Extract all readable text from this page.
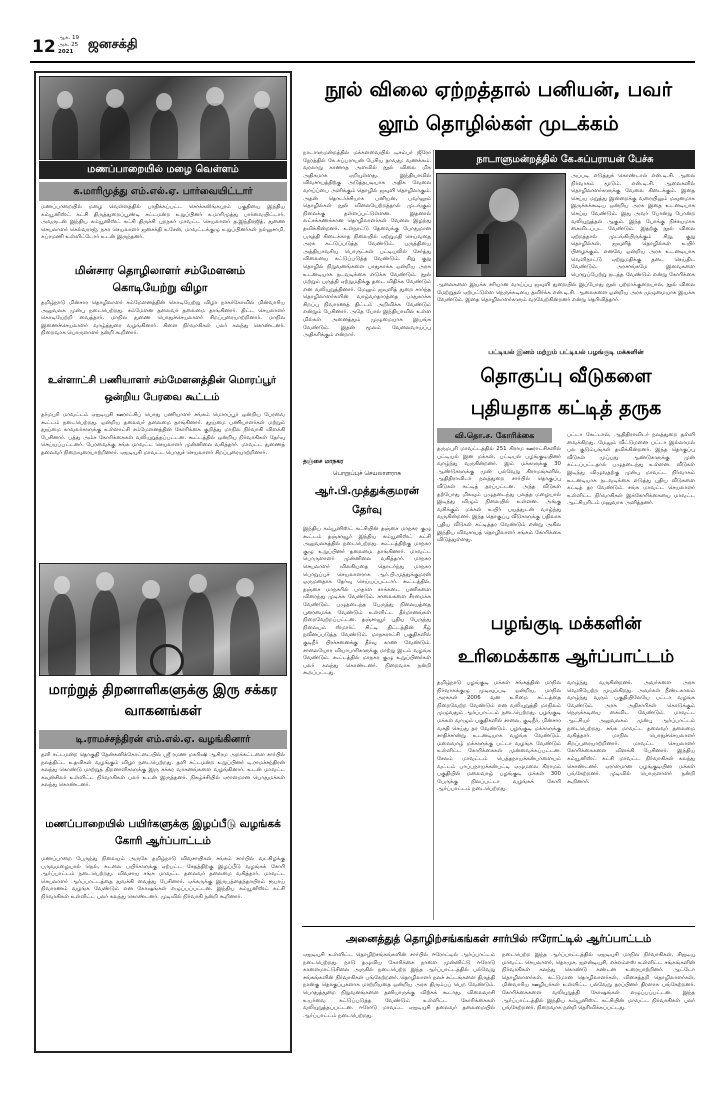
12 ஆக. 19
அக. 25
2021 ஜனசக்தி
மணப்பாறையில் மழை வெள்ளம்
க.மாரிமுத்து எம்.எல்.ஏ. பார்வையிட்டார்
மணப்பாறையில் மழை வெள்ளத்தில் பாதிக்கப்பட்ட சொக்கலிங்கபுரம் பகுதியை இந்திய கம்யூனிஸ்ட் கட்சி திருத்துறைப்பூண்டி சட்டமன்ற உறுப்பினர் க.மாரிமுத்து பார்வையிட்டார். அவருடன் இந்திய கம்யூனிஸ்ட் கட்சி திருச்சி புறநகர் மாவட்ட செயலாளர் த.இந்திரஜித், துணை செயலாளர் செல்வராஜ், நகர செயலாளர் ஜனசக்தி உசேன், மாவட்டக்குழு உறுப்பினர்கள் நல்லுசாமி, சுப்ரமணி உள்ளிட்டோர் உடன் இருந்தனர்.
மின்சார தொழிலாளர் சம்மேளனம் கொடியேற்று விழா
தமிழ்நாடு மின்சார தொழிலாளர் சம்மேளனத்தின் கொடியேற்று விழா நாகர்கோவில் மின்வாரிய அலுவலக முன்பு நடைபெற்றது. சம்மேளன தலைவர் தலைமை தாங்கினார். திட்ட செயலாளர் கொடியேற்றி வைத்தார். மாநில துணை பொதுச்செயலாளர் சிறப்புரையாற்றினார். மாநில இணைச்செயலாளர் வாழ்த்துரை வழங்கினார். கிளை நிர்வாகிகள் பலர் கலந்து கொண்டனர். நிறைவாக பொருளாளர் நன்றி கூறினார்.
உள்ளாட்சி பணியாளர் சம்மேளனத்தின் மொரப்பூர் ஒன்றிய பேரவை கூட்டம்
தர்மபுரி மாவட்டம் ஏஐடியுசி ஊராட்சிப் பொது பணியாளர் சங்கம் மொரப்பூர் ஒன்றிய பேரவை கூட்டம் நடைபெற்றது. ஒன்றிய தலைவர் தலைமை தாங்கினார். தூய்மை பணியாளர்கள் மற்றும் தூய்மை காவலர்களுக்கு உள்ளாட்சி சம்மேளனத்தின் கோரிக்கை குறித்து மாநில நிர்வாகி விளக்கி பேசினார். பத்து அம்ச கோரிக்கைகள் வலியுறுத்தப்பட்டன. கூட்டத்தில் ஒன்றிய நிர்வாகிகள் தேர்வு செய்யப்பட்டனர். பேரவைக்கு சங்க மாவட்ட செயலாளர் முன்னிலை வகித்தார். மாவட்ட துணைத் தலைவர் நிறைவுரையாற்றினார். ஏஐடியுசி மாவட்ட பொதுச் செயலாளர் சிறப்புரையாற்றினார்.
மாற்றுத் திறனாளிகளுக்கு இரு சக்கர வாகனங்கள்
டி.ராமச்சந்திரன் எம்.எல்.ஏ. வழங்கினார்
தளி சட்டமன்ற தொகுதி தேன்கனிக்கோட்டையில் ஸ்ரீ ரமண மகரிஷி ஆசிரம அறக்கட்டளை சார்பில் நலத்திட்ட உதவிகள் வழங்கும் விழா நடைபெற்றது. தளி சட்டமன்ற உறுப்பினர் டி.ராமச்சந்திரன் கலந்து கொண்டு மாற்றுத் திறனாளிகளுக்கு இரு சக்கர வாகனங்களை வழங்கினார். உடன் மாவட்ட கவுன்சிலர் உள்ளிட்ட நிர்வாகிகள் பலர் உடன் இருந்தனர். நிகழ்ச்சியில் ஏராளமான பொதுமக்கள் கலந்து கொண்டனர்.
மணப்பாறையில் பயிர்களுக்கு இழப்பீடு வழங்கக் கோரி ஆர்ப்பாட்டம்
மணப்பாறை பேருந்து நிலையம் அருகே தமிழ்நாடு விவசாயிகள் சங்கம் சார்பில் வடகிழக்கு பருவமழையால் நெல், கடலை பயிர்களுக்கு ஏற்பட்ட சேதத்திற்கு இழப்பீடு வழங்கக் கோரி ஆர்ப்பாட்டம் நடைபெற்றது. விவசாய சங்க மாவட்ட தலைவர் தலைமை வகித்தார். மாவட்ட செயலாளர் ஆர்ப்பாட்டத்தை துவக்கி வைத்து பேசினார். ஏக்கருக்கு இருபத்தைந்தாயிரம் ரூபாய் நிவாரணம் வழங்க வேண்டும் என கோஷங்கள் எழுப்பப்பட்டன. இந்திய கம்யூனிஸ்ட் கட்சி நிர்வாகிகள் உள்ளிட்ட பலர் கலந்து கொண்டனர். முடிவில் நிர்வாகி நன்றி கூறினார்.
நூல் விலை ஏற்றத்தால் பனியன், பவர் லூம் தொழில்கள் முடக்கம்
நாடாளுமன்றத்தில் மக்களவையில் டிசம்பர் ஜீரோ நேரத்தில் கே.சுப்பராயன் பேசிய தாவது: வணக்கம். வரலாறு காணாத அளவில் நூல் விலை மிக அதிகமாக ஏறியுள்ளது. இந்தியாவில் விவசாயத்திற்கு அடுத்தபடியாக அதிக வேலை வாய்ப்பை அளிக்கும் தொழில் ஜவுளி தொழிலாகும். அதன் தொடர்ச்சியாக பனியன், பவர்லூம் தொழில்கள் நூல் விலையேற்றத்தால் முடங்கும் நிலைக்கு தள்ளப்பட்டுள்ளன. இதனால் லட்சக்கணக்கான தொழிலாளர்கள் வேலை இழந்து தவிக்கின்றனர். உள்நாட்டு தேவைக்கு போதுமான பருத்தி கிடைக்காத நிலையில் ஏற்றுமதி செய்வதை அரசு கட்டுப்படுத்த வேண்டும். பருத்தியை அத்தியாவசிய பொருட்கள் பட்டியலில் சேர்த்து விலையை கட்டுப்படுத்த வேண்டும். சிறு குறு தொழில் நிறுவனங்களை பாதுகாக்க ஒன்றிய அரசு உடனடியாக நடவடிக்கை எடுக்க வேண்டும். நூல் மற்றும் பருத்தி ஏற்றுமதிக்கு தடை விதிக்க வேண்டும் என வலியுறுத்தினார். மேலும் ஜவுளித் துறை சார்ந்த தொழிலாளர்களின் வாழ்வாதாரத்தை பாதுகாக்க சிறப்பு நிவாரணத் திட்டம் அறிவிக்க வேண்டும் என்றும் பேசினார். அதே போல் இந்தியாவில் உள்ள மில்கள் அனைத்தும் முழுமையாக இயங்க வேண்டும். இதன் மூலம் வேலைவாய்ப்பு அதிகரிக்கும் என்றார்.
நாடாளுமன்றத்தில் கே.சுப்பராயன் பேச்சு
அப்படி எடுத்துக் கொண்டால் என்.டி.சி. ஆலை நிர்வாகம் மூடும். என்.டி.சி. ஆலைகளில் தொழிலாளர்களுக்கு வேலை கிடைக்கும். இதை செய்ய மறுத்து இன்றைக்கு வரையிலும் மவுனமாக இருக்கக்கூடிய ஒன்றிய அரசு இதை உடனடியாக செய்ய வேண்டும். இது அவர் போன்று போன்ற வலியுறுத்தல் ஆகும். இந்த போக்கு நிச்சயமாக கைவிடப்பட வேண்டும். இதற்கு நூல் விலை ஏற்றத்தால் முடங்கியிருக்கும் சிறு, குறு தொழில்கள், ஜவுளித் தொழில்கள் உயிர் பிழைக்கும். எனவே ஒன்றிய அரசு உடனடியாக வெளிநாட்டு ஏற்றுமதிக்கு தடை செய்திட வேண்டும். அரசாங்கமே இவைகளை பொறுப்பேற்று நடத்த வேண்டும் என்று கோரிக்கை
ஆலைகளை இயக்க சரியான வாய்ப்பு ஜவுளி துறையில் இப்போது நூல் பற்றாக்குறையால், நூல் விலை மேற்றுதல் ஏற்பட்டுள்ள நெருக்கடியை தவிர்க்க என்.டி.சி. ஆலைகளை ஒன்றிய அரசு முழுமையாக இயக்க வேண்டும். இதை தொழிலாளர்களும் வரவேற்கின்றனர் என்று தெரிவித்தார்.
தஞ்சை மாநகர
பொறுப்புச் செயலாளராக
ஆர்.பி.முத்துக்குமரன் தேர்வு
இந்திய கம்யூனிஸ்ட் கட்சியின் தஞ்சை மாநகர குழு கூட்டம் தஞ்சாவூர் இந்திய கம்யூனிஸ்ட் கட்சி அலுவலகத்தில் நடைபெற்றது. கூட்டத்திற்கு மாநகர குழு உறுப்பினர் தலைமை தாங்கினார். மாவட்ட பொருளாளர் முன்னிலை வகித்தார். மாநகர செயலாளர் விலகியதை தொடர்ந்து மாநகர பொறுப்புச் செயலாளராக ஆர்.பி.முத்துக்குமரன் ஒருமனதாக தேர்வு செய்யப்பட்டார். கூட்டத்தில், தஞ்சை மாநகரில் பாதாள சாக்கடை பணிகளை விரைந்து முடிக்க வேண்டும். சாலைகளை சீரமைக்க வேண்டும். பழுதடைந்த பேருந்து நிலையத்தை புனரமைக்க வேண்டும் உள்ளிட்ட தீர்மானங்கள் நிறைவேற்றப்பட்டன. தஞ்சாவூர் புதிய பேருந்து நிலையம் ஸ்மார்ட் சிட்டி திட்டத்தின் கீழ் நவீனப்படுத்த வேண்டும். மாநகராட்சி பகுதிகளில் குடிநீர் பிரச்சனைக்கு தீர்வு காண வேண்டும். சாலையோர வியாபாரிகளுக்கு மாற்று இடம் வழங்க வேண்டும். கூட்டத்தில் மாநகர குழு உறுப்பினர்கள் பலர் கலந்து கொண்டனர். நிறைவாக நன்றி கூறப்பட்டது.
பட்டியல் இனம் மற்றும் பட்டியல் பழங்குடி மக்களின்
தொகுப்பு வீடுகளை புதியதாக கட்டித் தருக
வி.தொ.ச. கோரிக்கை
தருமபுரி மாவட்டத்தில் 251 கிராம ஊராட்சிகளில் பட்டியல் இன மக்கள், பட்டியல் பழங்குடியினர் வாழ்ந்து வருகின்றனர். இம் மக்களுக்கு 30 ஆண்டுகளுக்கு முன் பல்வேறு கிராமங்களில், ஆதிதிராவிடர் நலத்துறை சார்பில் தொகுப்பு வீடுகள் கட்டித் தரப்பட்டன. அந்த வீடுகள் தற்போது மிகவும் பழுதடைந்து பலத்த மழையால் இடிந்து விழும் நிலையில் உள்ளன. அங்கு வசிக்கும் மக்கள் உயிர் பயத்துடன் வாழ்ந்து வருகின்றனர். இந்த தொகுப்பு வீடுகளுக்கு பதிலாக புதிய வீடுகள் கட்டித்தர வேண்டும் என்று அகில இந்திய விவசாயத் தொழிலாளர் சங்கம் கோரிக்கை விடுத்துள்ளது.
பட்டா கேட்டால், ஆதிதிராவிடர் நலத்துறை தள்ளி வைக்கிறது. மேலும் வீட்டுமனை பட்டா இல்லாமல் பல குடும்பங்கள் தவிக்கின்றனர். இந்த தொகுப்பு வீடுகள் முப்பது ஆண்டுகளுக்கு முன் கட்டப்பட்டதால் பழுதடைந்து உள்ளன. வீடுகள் இடிந்து விழுவதற்கு முன்பு மாவட்ட நிர்வாகம் உடனடியாக நடவடிக்கை எடுத்து புதிய வீடுகளை கட்டித் தர வேண்டும். சங்க மாவட்ட செயலாளர் உள்ளிட்ட நிர்வாகிகள் இக்கோரிக்கையை மாவட்ட ஆட்சியரிடம் மனுவாக அளித்தனர்.
பழங்குடி மக்களின் உரிமைக்காக ஆர்ப்பாட்டம்
தமிழ்நாடு பழங்குடி மக்கள் சங்கத்தின் மாநில நிர்வாகக்குழு முடிவுப்படி ஒன்றிய, மாநில அரசுகள் 2006 வன உரிமை சட்டத்தை நிறைவேற்ற வேண்டும் என வலியுறுத்தி மாநிலம் முழுவதும் ஆர்ப்பாட்டம் நடைபெற்றது. பழங்குடி மக்கள் வாழும் பகுதிகளில் சாலை, குடிநீர், மின்சார வசதி செய்து தர வேண்டும். பழங்குடி மக்களுக்கு சாதிச்சான்று உடனடியாக வழங்க வேண்டும். மலைவாழ் மக்களுக்கு பட்டா வழங்க வேண்டும் உள்ளிட்ட கோரிக்கைகள் முன்வைக்கப்பட்டன. சேலம் மாவட்டம் பெத்தநாயக்கன்பாளையம் வட்டம் பாப்பநாயக்கன்பட்டி ஏழுமலை கிராமம் பகுதியில் மலைவாழ் பழங்குடி மக்கள் 300 பேருக்கு நிலப்பட்டா வழங்கக் கோரி ஆர்ப்பாட்டம் நடைபெற்றது.
வாழ்ந்து வருகின்றனர். அவர்களை அரசு வெளியேற்ற முயல்கிறது. அவர்கள் நீண்டகாலம் வாழ்ந்து வரும் பகுதியிலேயே பட்டா வழங்க வேண்டும். அரசு அதிகாரிகள் கொடுக்கும் நெருக்கடியை கைவிட வேண்டும். மாவட்ட ஆட்சியர் அலுவலகம் முன்பு ஆர்ப்பாட்டம் நடைபெற்றது. சங்க மாவட்ட தலைவர் தலைமை வகித்தார். மாநில பொதுச்செயலாளர் சிறப்புரையாற்றினார். மாவட்ட செயலாளர் கோரிக்கைகளை விளக்கி பேசினார். இந்திய கம்யூனிஸ்ட் கட்சி மாவட்ட நிர்வாகிகள் கலந்து கொண்டனர். ஏராளமான பழங்குடியின மக்கள் பங்கேற்றனர். முடிவில் பொருளாளர் நன்றி கூறினார்.
அனைத்துத் தொழிற்சங்கங்கள் சார்பில் ஈரோட்டில் ஆர்ப்பாட்டம்
ஏஐடியுசி உள்ளிட்ட தொழிற்சங்கங்களின் சார்பில் ஈரோட்டில் ஆர்ப்பாட்டம் நடைபெற்றது. நாடு தழுவிய கோரிக்கை நாளை முன்னிட்டு ஈரோடு காளைமாட்டுசிலை அருகில் நடைபெற்ற இந்த ஆர்ப்பாட்டத்தில் பல்வேறு சங்கங்களின் நிர்வாகிகள் பங்கேற்றனர். தொழிலாளர் நலச் சட்டங்களை திருத்தி நான்கு தொகுப்புகளாக மாற்றியதை ஒன்றிய அரசு திரும்பப் பெற வேண்டும். பொதுத்துறை நிறுவனங்களை தனியாருக்கு விற்கக் கூடாது. விலைவாசி உயர்வை கட்டுப்படுத்த வேண்டும் உள்ளிட்ட கோரிக்கைகள் வலியுறுத்தப்பட்டன. ஈரோடு மாவட்ட ஏஐடியுசி தலைவர் தலைமையில் ஆர்ப்பாட்டம் நடைபெற்றது.
நடைபெற்ற இந்த ஆர்ப்பாட்டத்தில் ஏஐடியுசி மாநில நிர்வாகிகள், சிஐடியு மாவட்ட செயலாளர், தொமுச, ஐஎன்டியுசி, எச்எம்எஸ் உள்ளிட்ட சங்கங்களின் நிர்வாகிகள் கலந்து கொண்டு கண்டன உரையாற்றினர். ஆட்டோ தொழிலாளர்கள், கட்டுமான தொழிலாளர்கள், விசைத்தறி தொழிலாளர்கள், மின்வாரிய ஊழியர்கள் உள்ளிட்ட பல்வேறு தரப்பினர் திரளாக பங்கேற்றனர். கோரிக்கைகளை வலியுறுத்தி கோஷங்கள் எழுப்பப்பட்டன. இந்த ஆர்ப்பாட்டத்தில் இந்திய கம்யூனிஸ்ட் கட்சியின் மாவட்ட நிர்வாகிகள் பலர் பங்கேற்றனர். நிறைவாக நன்றி தெரிவிக்கப்பட்டது.
